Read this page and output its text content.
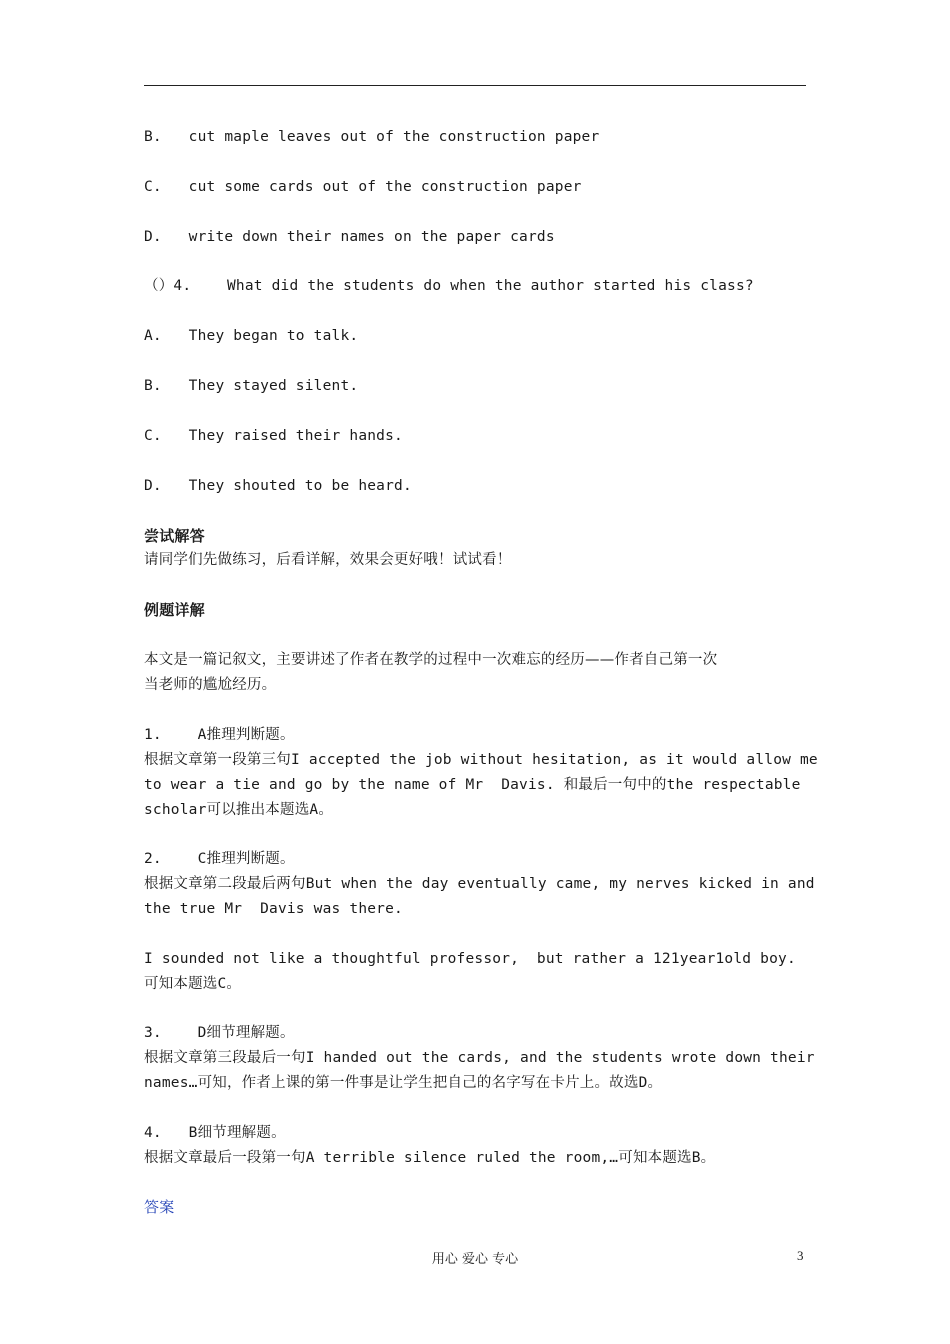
B.   cut maple leaves out of the construction paper
C.   cut some cards out of the construction paper
D.   write down their names on the paper cards
（）4.    What did the students do when the author started his class?
A.   They began to talk.
B.   They stayed silent.
C.   They raised their hands.
D.   They shouted to be heard.
尝试解答
请同学们先做练习，后看详解，效果会更好哦！试试看！
例题详解
本文是一篇记叙文，主要讲述了作者在教学的过程中一次难忘的经历——作者自己第一次
当老师的尴尬经历。
1.    A推理判断题。
根据文章第一段第三句I accepted the job without hesitation, as it would allow me
to wear a tie and go by the name of Mr  Davis. 和最后一句中的the respectable
scholar可以推出本题选A。
2.    C推理判断题。
根据文章第二段最后两句But when the day eventually came, my nerves kicked in and
the true Mr  Davis was there.
I sounded not like a thoughtful professor,  but rather a 121year1old boy.
可知本题选C。
3.    D细节理解题。
根据文章第三段最后一句I handed out the cards, and the students wrote down their
names…可知，作者上课的第一件事是让学生把自己的名字写在卡片上。故选D。
4.   B细节理解题。
根据文章最后一段第一句A terrible silence ruled the room,…可知本题选B。
答案
用心 爱心 专心	3
